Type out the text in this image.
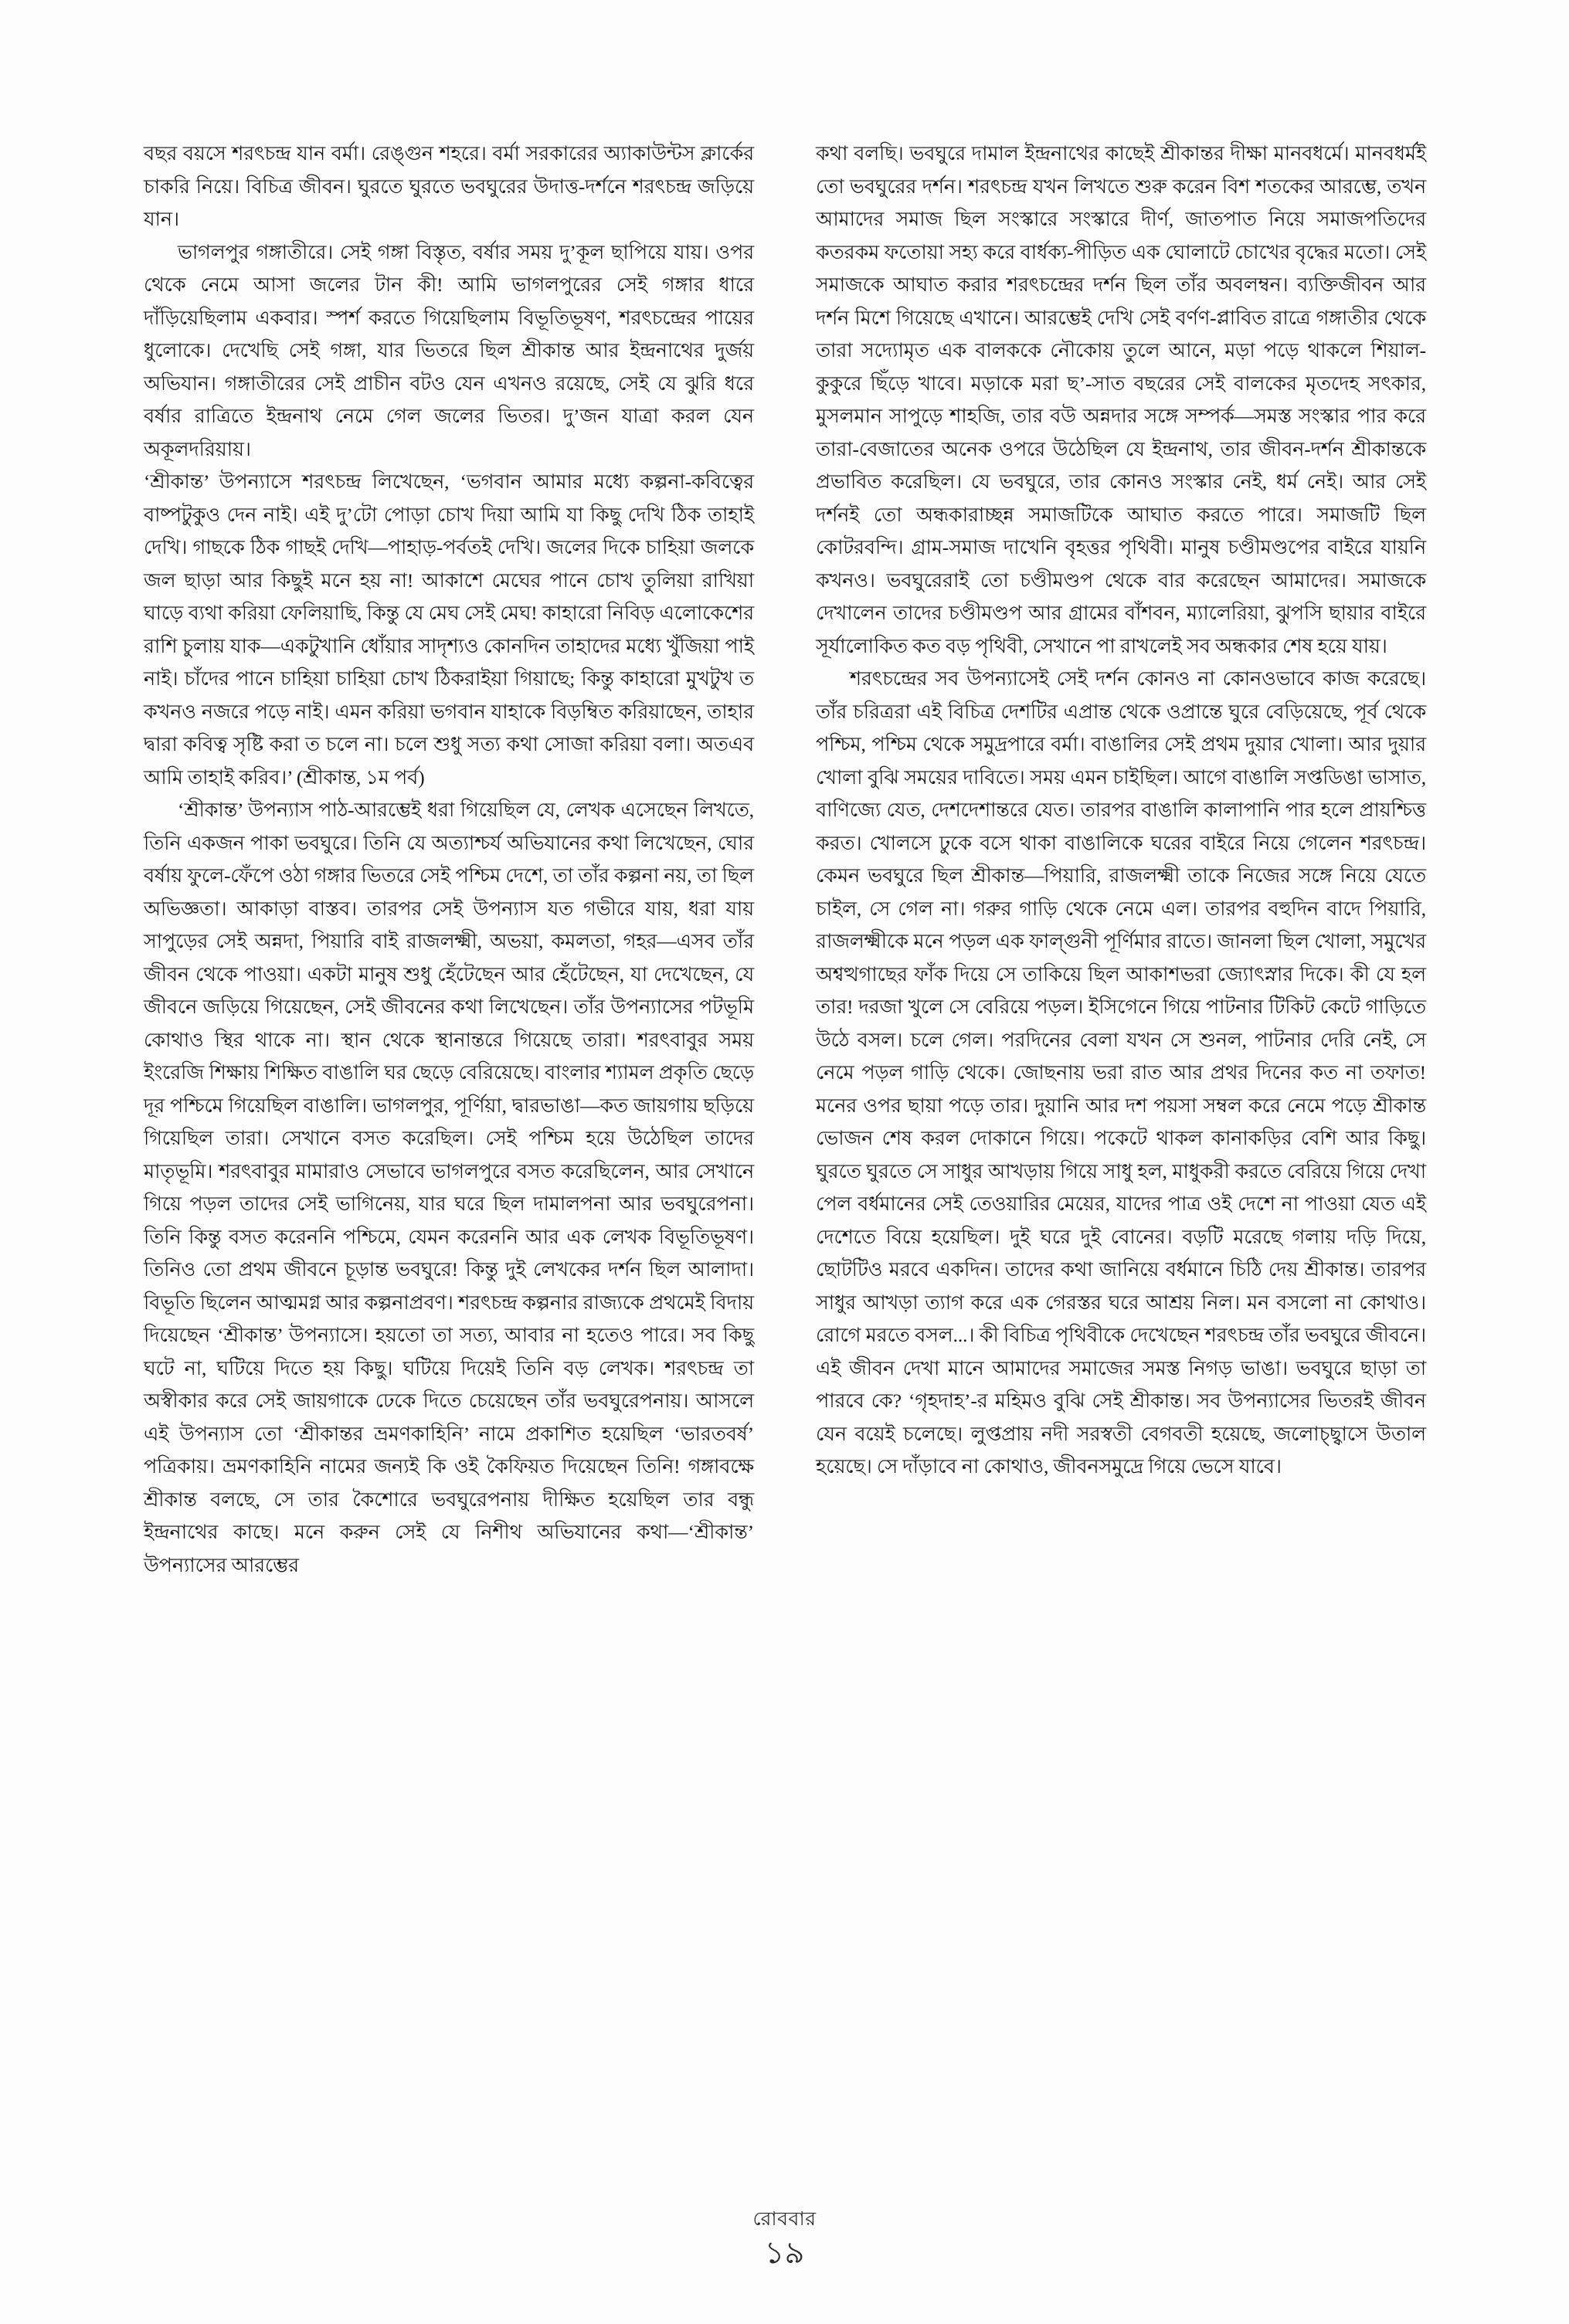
বছর বয়সে শরৎচন্দ্র যান বর্মা। রেঙ্গুন শহরে। বর্মা সরকারের অ্যাকাউন্টস ক্লার্কের চাকরি নিয়ে। বিচিত্র জীবন। ঘুরতে ঘুরতে ভবঘুরের উদাত্ত-দর্শনে শরৎচন্দ্র জড়িয়ে যান।

ভাগলপুর গঙ্গাতীরে। সেই গঙ্গা বিস্তৃত, বর্ষার সময় দু’কূল ছাপিয়ে যায়। ওপর থেকে নেমে আসা জলের টান কী! আমি ভাগলপুরের সেই গঙ্গার ধারে দাঁড়িয়েছিলাম একবার। স্পর্শ করতে গিয়েছিলাম বিভূতিভূষণ, শরৎচন্দ্রের পায়ের ধুলোকে। দেখেছি সেই গঙ্গা, যার ভিতরে ছিল শ্রীকান্ত আর ইন্দ্রনাথের দুর্জয় অভিযান। গঙ্গাতীরের সেই প্রাচীন বটও যেন এখনও রয়েছে, সেই যে ঝুরি ধরে বর্ষার রাত্রিতে ইন্দ্রনাথ নেমে গেল জলের ভিতর। দু’জন যাত্রা করল যেন অকূলদরিয়ায়।

‘শ্রীকান্ত’ উপন্যাসে শরৎচন্দ্র লিখেছেন, ‘ভগবান আমার মধ্যে কল্পনা-কবিত্বের বাষ্পটুকুও দেন নাই। এই দু’টো পোড়া চোখ দিয়া আমি যা কিছু দেখি ঠিক তাহাই দেখি। গাছকে ঠিক গাছই দেখি—পাহাড়-পর্বতই দেখি। জলের দিকে চাহিয়া জলকে জল ছাড়া আর কিছুই মনে হয় না! আকাশে মেঘের পানে চোখ তুলিয়া রাখিয়া ঘাড়ে ব্যথা করিয়া ফেলিয়াছি, কিন্তু যে মেঘ সেই মেঘ! কাহারো নিবিড় এলোকেশের রাশি চুলায় যাক—একটুখানি ধোঁয়ার সাদৃশ্যও কোনদিন তাহাদের মধ্যে খুঁজিয়া পাই নাই। চাঁদের পানে চাহিয়া চাহিয়া চোখ ঠিকরাইয়া গিয়াছে; কিন্তু কাহারো মুখটুখ ত কখনও নজরে পড়ে নাই। এমন করিয়া ভগবান যাহাকে বিড়ম্বিত করিয়াছেন, তাহার দ্বারা কবিত্ব সৃষ্টি করা ত চলে না। চলে শুধু সত্য কথা সোজা করিয়া বলা। অতএব আমি তাহাই করিব।’ (শ্রীকান্ত, ১ম পর্ব)

‘শ্রীকান্ত’ উপন্যাস পাঠ-আরম্ভেই ধরা গিয়েছিল যে, লেখক এসেছেন লিখতে, তিনি একজন পাকা ভবঘুরে। তিনি যে অত্যাশ্চর্য অভিযানের কথা লিখেছেন, ঘোর বর্ষায় ফুলে-ফেঁপে ওঠা গঙ্গার ভিতরে সেই পশ্চিম দেশে, তা তাঁর কল্পনা নয়, তা ছিল অভিজ্ঞতা। আকাড়া বাস্তব। তারপর সেই উপন্যাস যত গভীরে যায়, ধরা যায় সাপুড়ের সেই অন্নদা, পিয়ারি বাই রাজলক্ষ্মী, অভয়া, কমলতা, গহর—এসব তাঁর জীবন থেকে পাওয়া। একটা মানুষ শুধু হেঁটেছেন আর হেঁটেছেন, যা দেখেছেন, যে জীবনে জড়িয়ে গিয়েছেন, সেই জীবনের কথা লিখেছেন। তাঁর উপন্যাসের পটভূমি কোথাও স্থির থাকে না। স্থান থেকে স্থানান্তরে গিয়েছে তারা। শরৎবাবুর সময় ইংরেজি শিক্ষায় শিক্ষিত বাঙালি ঘর ছেড়ে বেরিয়েছে। বাংলার শ্যামল প্রকৃতি ছেড়ে দূর পশ্চিমে গিয়েছিল বাঙালি। ভাগলপুর, পূর্ণিয়া, দ্বারভাঙা—কত জায়গায় ছড়িয়ে গিয়েছিল তারা। সেখানে বসত করেছিল। সেই পশ্চিম হয়ে উঠেছিল তাদের মাতৃভূমি। শরৎবাবুর মামারাও সেভাবে ভাগলপুরে বসত করেছিলেন, আর সেখানে গিয়ে পড়ল তাদের সেই ভাগিনেয়, যার ঘরে ছিল দামালপনা আর ভবঘুরেপনা। তিনি কিন্তু বসত করেননি পশ্চিমে, যেমন করেননি আর এক লেখক বিভূতিভূষণ। তিনিও তো প্রথম জীবনে চূড়ান্ত ভবঘুরে! কিন্তু দুই লেখকের দর্শন ছিল আলাদা। বিভূতি ছিলেন আত্মমগ্ন আর কল্পনাপ্রবণ। শরৎচন্দ্র কল্পনার রাজ্যকে প্রথমেই বিদায় দিয়েছেন ‘শ্রীকান্ত’ উপন্যাসে। হয়তো তা সত্য, আবার না হতেও পারে। সব কিছু ঘটে না, ঘটিয়ে দিতে হয় কিছু। ঘটিয়ে দিয়েই তিনি বড় লেখক। শরৎচন্দ্র তা অস্বীকার করে সেই জায়গাকে ঢেকে দিতে চেয়েছেন তাঁর ভবঘুরেপনায়। আসলে এই উপন্যাস তো ‘শ্রীকান্তর ভ্রমণকাহিনি’ নামে প্রকাশিত হয়েছিল ‘ভারতবর্ষ’ পত্রিকায়। ভ্রমণকাহিনি নামের জন্যই কি ওই কৈফিয়ত দিয়েছেন তিনি! গঙ্গাবক্ষে শ্রীকান্ত বলছে, সে তার কৈশোরে ভবঘুরেপনায় দীক্ষিত হয়েছিল তার বন্ধু ইন্দ্রনাথের কাছে। মনে করুন সেই যে নিশীথ অভিযানের কথা—‘শ্রীকান্ত’ উপন্যাসের আরম্ভের

কথা বলছি। ভবঘুরে দামাল ইন্দ্রনাথের কাছেই শ্রীকান্তর দীক্ষা মানবধর্মে। মানবধর্মই তো ভবঘুরের দর্শন। শরৎচন্দ্র যখন লিখতে শুরু করেন বিশ শতকের আরম্ভে, তখন আমাদের সমাজ ছিল সংস্কারে সংস্কারে দীর্ণ, জাতপাত নিয়ে সমাজপতিদের কতরকম ফতোয়া সহ্য করে বার্ধক্য-পীড়িত এক ঘোলাটে চোখের বৃদ্ধের মতো। সেই সমাজকে আঘাত করার শরৎচন্দ্রের দর্শন ছিল তাঁর অবলম্বন। ব্যক্তিজীবন আর দর্শন মিশে গিয়েছে এখানে। আরম্ভেই দেখি সেই বর্ণণ-প্লাবিত রাত্রে গঙ্গাতীর থেকে তারা সদ্যোমৃত এক বালককে নৌকোয় তুলে আনে, মড়া পড়ে থাকলে শিয়াল-কুকুরে ছিঁড়ে খাবে। মড়াকে মরা ছ’-সাত বছরের সেই বালকের মৃতদেহ সৎকার, মুসলমান সাপুড়ে শাহজি, তার বউ অন্নদার সঙ্গে সম্পর্ক—সমস্ত সংস্কার পার করে তারা-বেজাতের অনেক ওপরে উঠেছিল যে ইন্দ্রনাথ, তার জীবন-দর্শন শ্রীকান্তকে প্রভাবিত করেছিল। যে ভবঘুরে, তার কোনও সংস্কার নেই, ধর্ম নেই। আর সেই দর্শনই তো অন্ধকারাচ্ছন্ন সমাজটিকে আঘাত করতে পারে। সমাজটি ছিল কোটরবন্দি। গ্রাম-সমাজ দাখেনি বৃহত্তর পৃথিবী। মানুষ চণ্ডীমণ্ডপের বাইরে যায়নি কখনও। ভবঘুরেরাই তো চণ্ডীমণ্ডপ থেকে বার করেছেন আমাদের। সমাজকে দেখালেন তাদের চণ্ডীমণ্ডপ আর গ্রামের বাঁশবন, ম্যালেরিয়া, ঝুপসি ছায়ার বাইরে সূর্যালোকিত কত বড় পৃথিবী, সেখানে পা রাখলেই সব অন্ধকার শেষ হয়ে যায়।

শরৎচন্দ্রের সব উপন্যাসেই সেই দর্শন কোনও না কোনওভাবে কাজ করেছে। তাঁর চরিত্ররা এই বিচিত্র দেশটির এপ্রান্ত থেকে ওপ্রান্তে ঘুরে বেড়িয়েছে, পূর্ব থেকে পশ্চিম, পশ্চিম থেকে সমুদ্রপারে বর্মা। বাঙালির সেই প্রথম দুয়ার খোলা। আর দুয়ার খোলা বুঝি সময়ের দাবিতে। সময় এমন চাইছিল। আগে বাঙালি সপ্তডিঙা ভাসাত, বাণিজ্যে যেত, দেশদেশান্তরে যেত। তারপর বাঙালি কালাপানি পার হলে প্রায়শ্চিত্ত করত। খোলসে ঢুকে বসে থাকা বাঙালিকে ঘরের বাইরে নিয়ে গেলেন শরৎচন্দ্র। কেমন ভবঘুরে ছিল শ্রীকান্ত—পিয়ারি, রাজলক্ষ্মী তাকে নিজের সঙ্গে নিয়ে যেতে চাইল, সে গেল না। গরুর গাড়ি থেকে নেমে এল। তারপর বহুদিন বাদে পিয়ারি, রাজলক্ষ্মীকে মনে পড়ল এক ফাল্গুনী পূর্ণিমার রাতে। জানলা ছিল খোলা, সমুখের অশ্বত্থগাছের ফাঁক দিয়ে সে তাকিয়ে ছিল আকাশভরা জ্যোৎস্নার দিকে। কী যে হল তার! দরজা খুলে সে বেরিয়ে পড়ল। ইসিগেনে গিয়ে পাটনার টিকিট কেটে গাড়িতে উঠে বসল। চলে গেল। পরদিনের বেলা যখন সে শুনল, পাটনার দেরি নেই, সে নেমে পড়ল গাড়ি থেকে। জোছনায় ভরা রাত আর প্রথর দিনের কত না তফাত! মনের ওপর ছায়া পড়ে তার। দুয়ানি আর দশ পয়সা সম্বল করে নেমে পড়ে শ্রীকান্ত ভোজন শেষ করল দোকানে গিয়ে। পকেটে থাকল কানাকড়ির বেশি আর কিছু। ঘুরতে ঘুরতে সে সাধুর আখড়ায় গিয়ে সাধু হল, মাধুকরী করতে বেরিয়ে গিয়ে দেখা পেল বর্ধমানের সেই তেওয়ারির মেয়ের, যাদের পাত্র ওই দেশে না পাওয়া যেত এই দেশেতে বিয়ে হয়েছিল। দুই ঘরে দুই বোনের। বড়টি মরেছে গলায় দড়ি দিয়ে, ছোটটিও মরবে একদিন। তাদের কথা জানিয়ে বর্ধমানে চিঠি দেয় শ্রীকান্ত। তারপর সাধুর আখড়া ত্যাগ করে এক গেরস্তর ঘরে আশ্রয় নিল। মন বসলো না কোথাও। রোগে মরতে বসল...। কী বিচিত্র পৃথিবীকে দেখেছেন শরৎচন্দ্র তাঁর ভবঘুরে জীবনে। এই জীবন দেখা মানে আমাদের সমাজের সমস্ত নিগড় ভাঙা। ভবঘুরে ছাড়া তা পারবে কে? ‘গৃহদাহ’-র মহিমও বুঝি সেই শ্রীকান্ত। সব উপন্যাসের ভিতরই জীবন যেন বয়েই চলেছে। লুপ্তপ্রায় নদী সরস্বতী বেগবতী হয়েছে, জলোচ্ছ্বাসে উতাল হয়েছে। সে দাঁড়াবে না কোথাও, জীবনসমুদ্রে গিয়ে ভেসে যাবে।

রোববার
১৯
